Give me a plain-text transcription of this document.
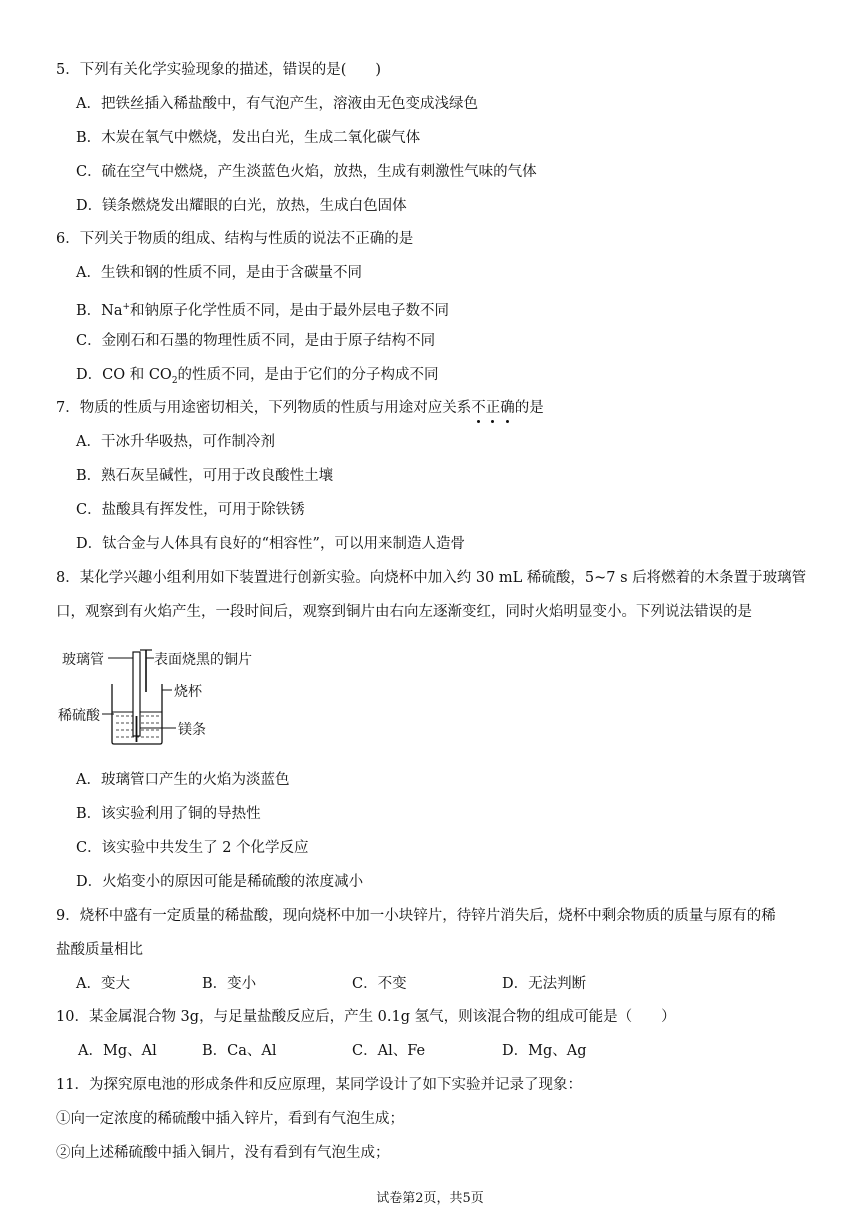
5．下列有关化学实验现象的描述，错误的是(　　)
A．把铁丝插入稀盐酸中，有气泡产生，溶液由无色变成浅绿色
B．木炭在氧气中燃烧，发出白光，生成二氧化碳气体
C．硫在空气中燃烧，产生淡蓝色火焰，放热，生成有刺激性气味的气体
D．镁条燃烧发出耀眼的白光，放热，生成白色固体
6．下列关于物质的组成、结构与性质的说法不正确的是
A．生铁和钢的性质不同，是由于含碳量不同
B．Na+和钠原子化学性质不同，是由于最外层电子数不同
C．金刚石和石墨的物理性质不同，是由于原子结构不同
D．CO 和 $CO_2$的性质不同，是由于它们的分子构成不同
7．物质的性质与用途密切相关，下列物质的性质与用途对应关系不正确的是
A．干冰升华吸热，可作制冷剂
B．熟石灰呈碱性，可用于改良酸性土壤
C．盐酸具有挥发性，可用于除铁锈
D．钛合金与人体具有良好的“相容性”，可以用来制造人造骨
8．某化学兴趣小组利用如下装置进行创新实验。向烧杯中加入约 30 mL 稀硫酸，5~7 s 后将燃着的木条置于玻璃管
口，观察到有火焰产生，一段时间后，观察到铜片由右向左逐渐变红，同时火焰明显变小。下列说法错误的是
玻璃管	表面烧黑的铜片
烧杯
稀硫酸
镁条
A．玻璃管口产生的火焰为淡蓝色
B．该实验利用了铜的导热性
C．该实验中共发生了 2 个化学反应
D．火焰变小的原因可能是稀硫酸的浓度减小
9．烧杯中盛有一定质量的稀盐酸，现向烧杯中加一小块锌片，待锌片消失后，烧杯中剩余物质的质量与原有的稀
盐酸质量相比
A．变大	B．变小	C．不变	D．无法判断
10．某金属混合物 3g，与足量盐酸反应后，产生 0.1g 氢气，则该混合物的组成可能是（　　）
A．Mg、Al	B．Ca、Al	C．Al、Fe	D．Mg、Ag
11．为探究原电池的形成条件和反应原理，某同学设计了如下实验并记录了现象：
①向一定浓度的稀硫酸中插入锌片，看到有气泡生成；
②向上述稀硫酸中插入铜片，没有看到有气泡生成；
试卷第2页，共5页
